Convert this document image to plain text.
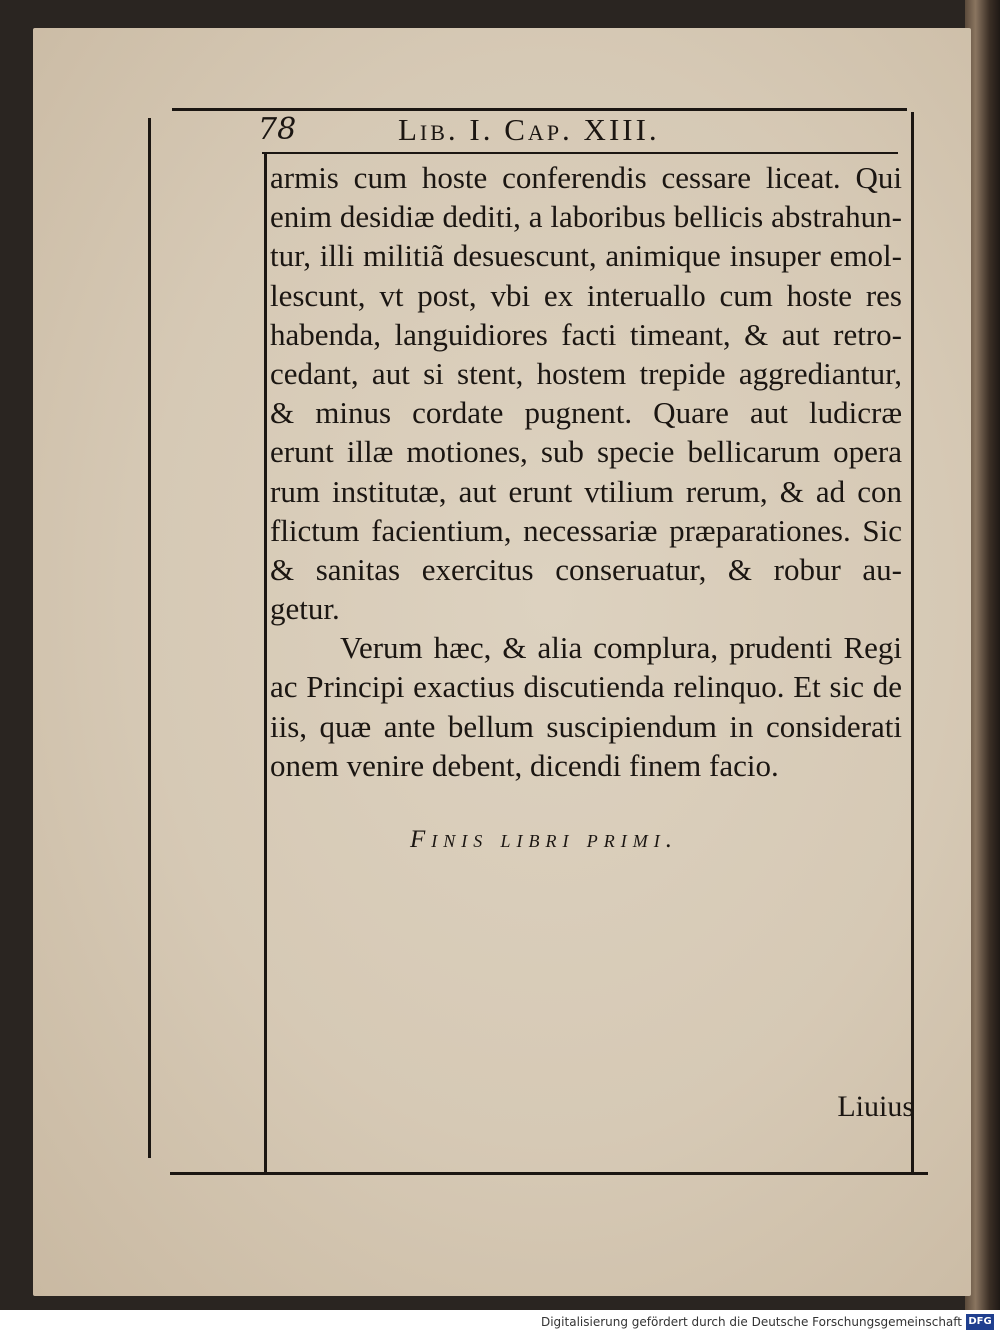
78	Lib. I. Cap. XIII.
armis cum hoste conferendis cessare liceat. Qui
enim desidiæ dediti, a laboribus bellicis abstrahun-
tur, illi militiã desuescunt, animique insuper emol-
lescunt, vt post, vbi ex interuallo cum hoste res
habenda, languidiores facti timeant, & aut retro-
cedant, aut si stent, hostem trepide aggrediantur,
& minus cordate pugnent. Quare aut ludicræ
erunt illæ motiones, sub specie bellicarum opera
rum institutæ, aut erunt vtilium rerum, & ad con
flictum facientium, necessariæ præparationes. Sic
& sanitas exercitus conseruatur, & robur au-
getur.
Verum hæc, & alia complura, prudenti Regi
ac Principi exactius discutienda relinquo. Et sic de
iis, quæ ante bellum suscipiendum in considerati
onem venire debent, dicendi finem facio.
Finis libri primi.
Liuius
Digitalisierung gefördert durch die Deutsche Forschungsgemeinschaft DFG
